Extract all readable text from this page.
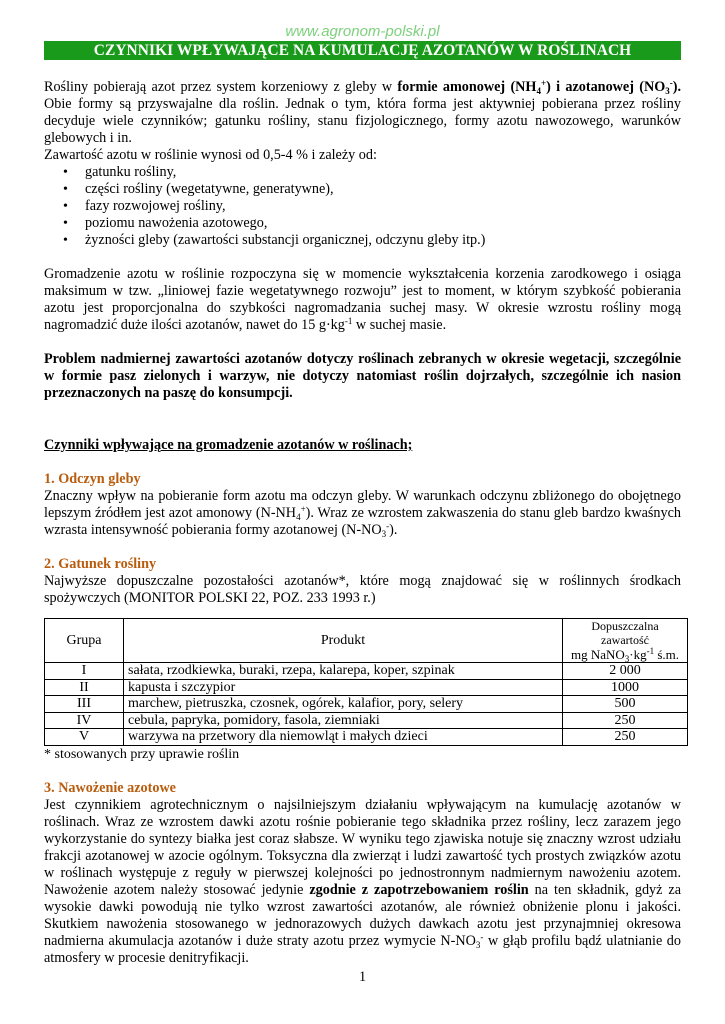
www.agronom-polski.pl
CZYNNIKI WPŁYWAJĄCE NA KUMULACJĘ AZOTANÓW W ROŚLINACH

Rośliny pobierają azot przez system korzeniowy z gleby w formie amonowej $(NH_4^+)$ i azotanowej $(NO_3^-)$. Obie formy są przyswajalne dla roślin. Jednak o tym, która forma jest aktywniej pobierana przez rośliny decyduje wiele czynników; gatunku rośliny, stanu fizjologicznego, formy azotu nawozowego, warunków glebowych i in.

Zawartość azotu w roślinie wynosi od 0,5-4 % i zależy od:

• gatunku rośliny,
• części rośliny (wegetatywne, generatywne),
• fazy rozwojowej rośliny,
• poziomu nawożenia azotowego,
• żyzności gleby (zawartości substancji organicznej, odczynu gleby itp.)

Gromadzenie azotu w roślinie rozpoczyna się w momencie wykształcenia korzenia zarodkowego i osiąga maksimum w tzw. „liniowej fazie wegetatywnego rozwoju” jest to moment, w którym szybkość pobierania azotu jest proporcjonalna do szybkości nagromadzania suchej masy. W okresie wzrostu rośliny mogą nagromadzić duże ilości azotanów, nawet do 15 $g\cdot kg^{-1}$ w suchej masie.

Problem nadmiernej zawartości azotanów dotyczy roślinach zebranych w okresie wegetacji, szczególnie w formie pasz zielonych i warzyw, nie dotyczy natomiast roślin dojrzałych, szczególnie ich nasion przeznaczonych na paszę do konsumpcji.

Czynniki wpływające na gromadzenie azotanów w roślinach;

1. Odczyn gleby

Znaczny wpływ na pobieranie form azotu ma odczyn gleby. W warunkach odczynu zbliżonego do obojętnego lepszym źródłem jest azot amonowy $(N-NH_4^+)$. Wraz ze wzrostem zakwaszenia do stanu gleb bardzo kwaśnych wzrasta intensywność pobierania formy azotanowej $(N-NO_3^-)$.

2. Gatunek rośliny

Najwyższe dopuszczalne pozostałości azotanów*, które mogą znajdować się w roślinnych środkach spożywczych (MONITOR POLSKI 22, POZ. 233 1993 r.)

Grupa	Produkt	Dopuszczalna zawartość
mg $NaNO_3\cdot kg^{-1}$ ś.m.

I	sałata, rzodkiewka, buraki, rzepa, kalarepa, koper, szpinak	2 000
II	kapusta i szczypior	1000
III	marchew, pietruszka, czosnek, ogórek, kalafior, pory, selery	500
IV	cebula, papryka, pomidory, fasola, ziemniaki	250
V	warzywa na przetwory dla niemowląt i małych dzieci	250

* stosowanych przy uprawie roślin

3. Nawożenie azotowe

Jest czynnikiem agrotechnicznym o najsilniejszym działaniu wpływającym na kumulację azotanów w roślinach. Wraz ze wzrostem dawki azotu rośnie pobieranie tego składnika przez rośliny, lecz zarazem jego wykorzystanie do syntezy białka jest coraz słabsze. W wyniku tego zjawiska notuje się znaczny wzrost udziału frakcji azotanowej w azocie ogólnym. Toksyczna dla zwierząt i ludzi zawartość tych prostych związków azotu w roślinach występuje z reguły w pierwszej kolejności po jednostronnym nadmiernym nawożeniu azotem. Nawożenie azotem należy stosować jedynie zgodnie z zapotrzebowaniem roślin na ten składnik, gdyż za wysokie dawki powodują nie tylko wzrost zawartości azotanów, ale również obniżenie plonu i jakości. Skutkiem nawożenia stosowanego w jednorazowych dużych dawkach azotu jest przynajmniej okresowa nadmierna akumulacja azotanów i duże straty azotu przez wymycie $N-NO_3^-$ w głąb profilu bądź ulatnianie do atmosfery w procesie denitryfikacji.

1
